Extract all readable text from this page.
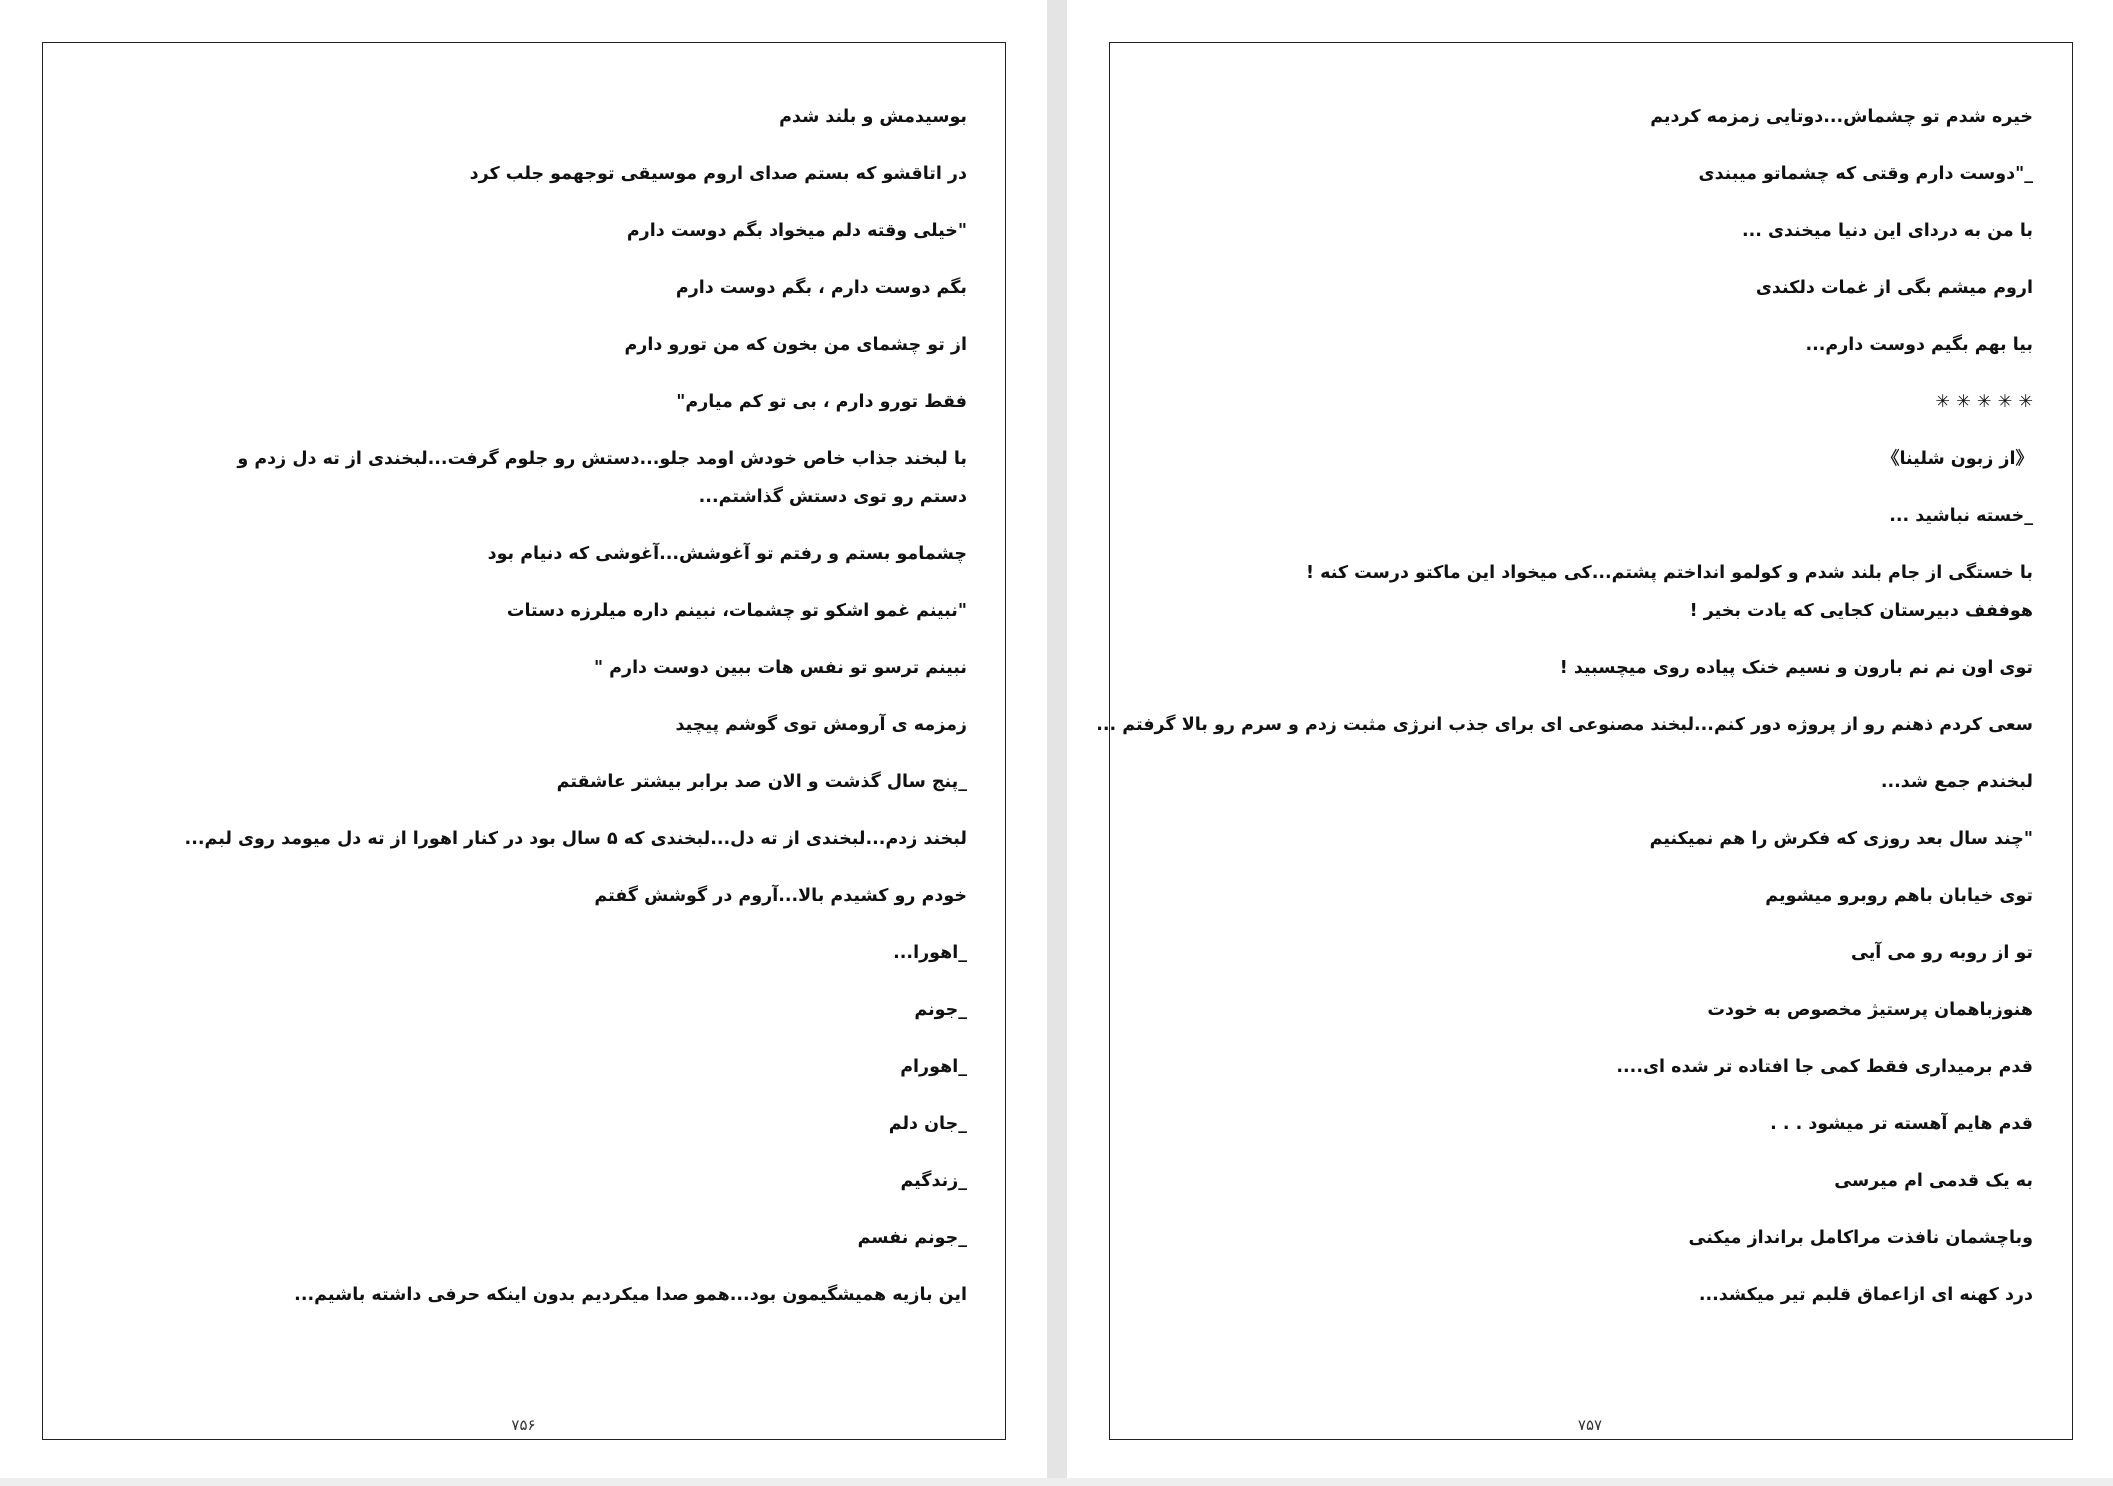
بوسیدمش و بلند شدم
در اتاقشو که بستم صدای اروم موسیقی توجهمو جلب کرد
"خیلی وقته دلم میخواد بگم دوست دارم
بگم دوست دارم ، بگم دوست دارم
از تو چشمای من بخون که من تورو دارم
فقط تورو دارم ، بی تو کم میارم"
با لبخند جذاب خاص خودش اومد جلو...دستش رو جلوم گرفت...لبخندی از ته دل زدم و دستم رو توی دستش گذاشتم...
چشمامو بستم و رفتم تو آغوشش...آغوشی که دنیام بود
"نبینم غمو اشکو تو چشمات، نبینم داره میلرزه دستات
نبینم ترسو تو نفس هات ببین دوست دارم "
زمزمه ی آرومش توی گوشم پیچید
_پنج سال گذشت و الان صد برابر بیشتر عاشقتم
لبخند زدم...لبخندی از ته دل...لبخندی که ۵ سال بود در کنار اهورا از ته دل میومد روی لبم...
خودم رو کشیدم بالا...آروم در گوشش گفتم
_اهورا...
_جونم
_اهورام
_جان دلم
_زندگیم
_جونم نفسم
این بازیه همیشگیمون بود...همو صدا میکردیم بدون اینکه حرفی داشته باشیم...
۷۵۶
خیره شدم تو چشماش...دوتایی زمزمه کردیم
_"دوست دارم وقتی که چشماتو میبندی
با من به دردای این دنیا میخندی ...
اروم میشم بگی از غمات دلکندی
بیا بهم بگیم دوست دارم...
✳ ✳ ✳ ✳ ✳
《از زبون شلینا》
_خسته نباشید ...
با خستگی از جام بلند شدم و کولمو انداختم پشتم...کی میخواد این ماکتو درست کنه ! هوففف دبیرستان کجایی که یادت بخیر !
توی اون نم نم بارون و نسیم خنک پیاده روی میچسبید !
سعی کردم ذهنم رو از پروژه دور کنم...لبخند مصنوعی ای برای جذب انرژی مثبت زدم و سرم رو بالا گرفتم ...
لبخندم جمع شد...
"چند سال بعد روزی که فکرش را هم نمیکنیم
توی خیابان باهم روبرو میشویم
تو از روبه رو می آیی
هنوزباهمان پرستیژ مخصوص به خودت
قدم برمیداری فقط کمی جا افتاده تر شده ای....
قدم هایم آهسته تر میشود . . .
به یک قدمی ام میرسی
وباچشمان نافذت مراکامل برانداز میکنی
درد کهنه ای ازاعماق قلبم تیر میکشد...
۷۵۷
